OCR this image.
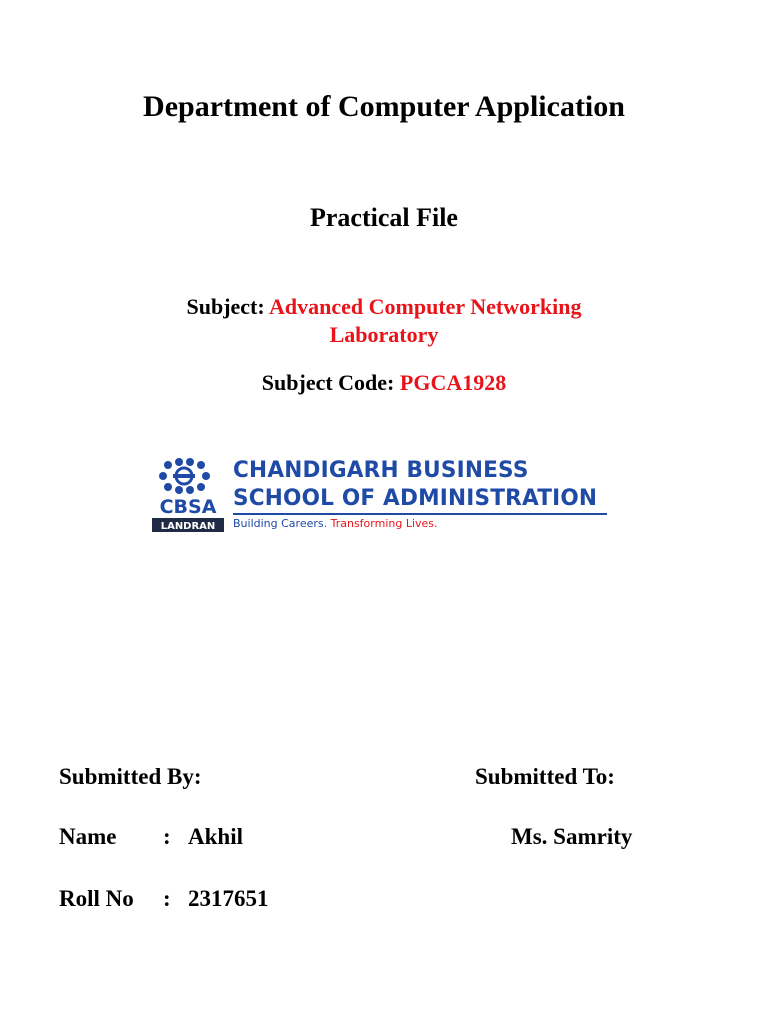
Department of Computer Application
Practical File
Subject: Advanced Computer Networking
Laboratory
Subject Code: PGCA1928
CBSA
LANDRAN
CHANDIGARH BUSINESS
SCHOOL OF ADMINISTRATION
Building Careers. Transforming Lives.
Submitted By:	Submitted To:
Name : Akhil	Ms. Samrity
Roll No : 2317651
